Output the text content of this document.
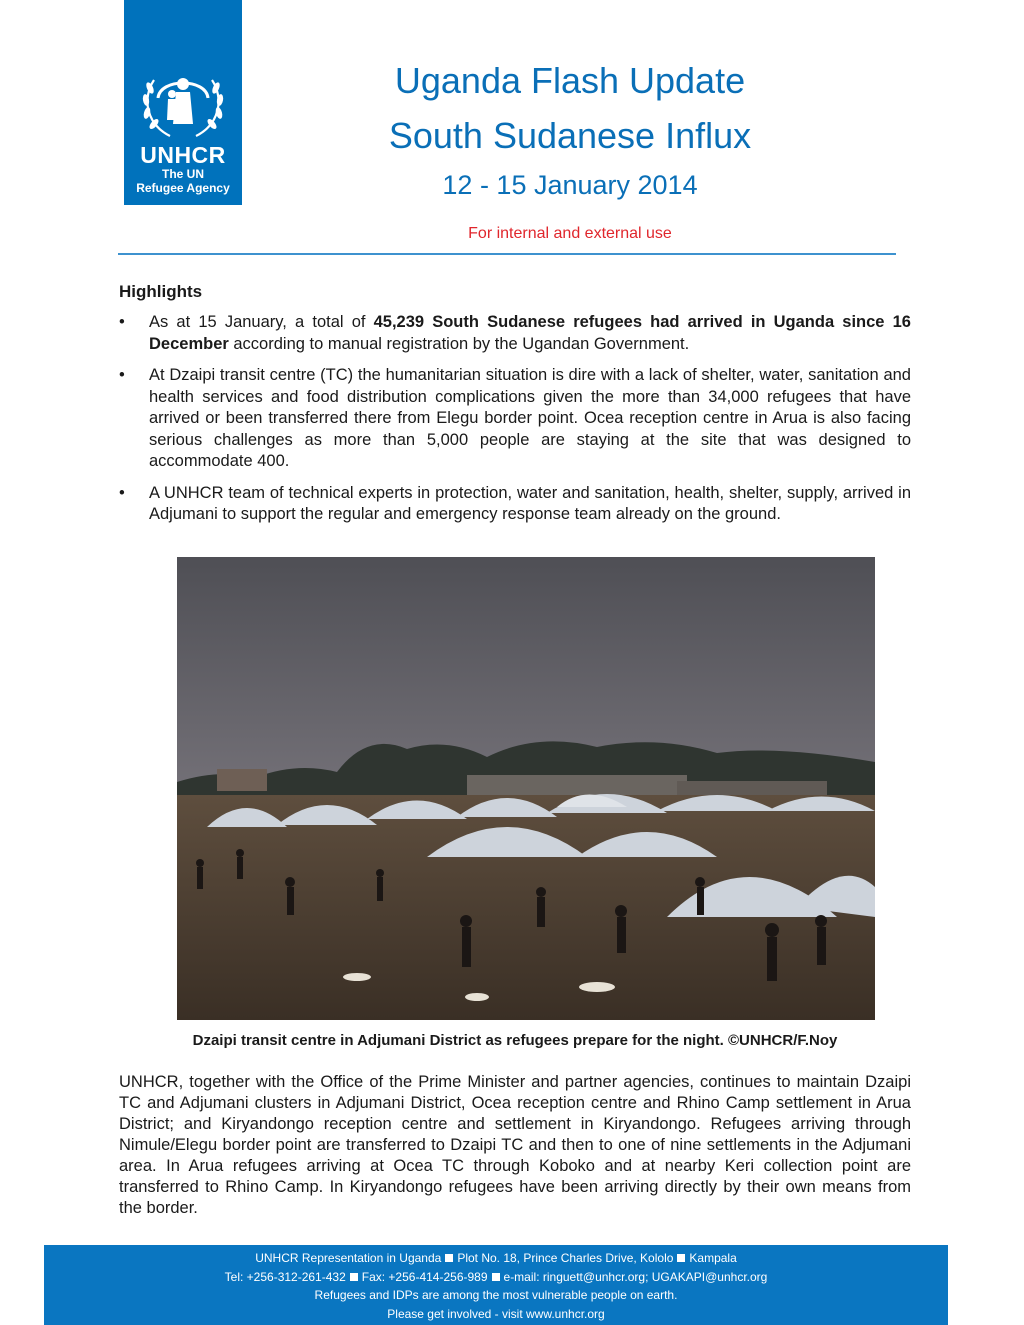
UNHCR
The UN
Refugee Agency
Uganda Flash Update
South Sudanese Influx
12 - 15 January 2014
For internal and external use
Highlights
• As at 15 January, a total of 45,239 South Sudanese refugees had arrived in Uganda since 16 December according to manual registration by the Ugandan Government.
• At Dzaipi transit centre (TC) the humanitarian situation is dire with a lack of shelter, water, sanitation and health services and food distribution complications given the more than 34,000 refugees that have arrived or been transferred there from Elegu border point. Ocea reception centre in Arua is also facing serious challenges as more than 5,000 people are staying at the site that was designed to accommodate 400.
• A UNHCR team of technical experts in protection, water and sanitation, health, shelter, supply, arrived in Adjumani to support the regular and emergency response team already on the ground.
Dzaipi transit centre in Adjumani District as refugees prepare for the night. ©UNHCR/F.Noy

UNHCR, together with the Office of the Prime Minister and partner agencies, continues to maintain Dzaipi TC and Adjumani clusters in Adjumani District, Ocea reception centre and Rhino Camp settlement in Arua District; and Kiryandongo reception centre and settlement in Kiryandongo. Refugees arriving through Nimule/Elegu border point are transferred to Dzaipi TC and then to one of nine settlements in the Adjumani area. In Arua refugees arriving at Ocea TC through Koboko and at nearby Keri collection point are transferred to Rhino Camp. In Kiryandongo refugees have been arriving directly by their own means from the border.

UNHCR Representation in Uganda Plot No. 18, Prince Charles Drive, Kololo Kampala
Tel: +256-312-261-432 Fax: +256-414-256-989 e-mail: ringuett@unhcr.org; UGAKAPI@unhcr.org
Refugees and IDPs are among the most vulnerable people on earth.
Please get involved - visit www.unhcr.org
